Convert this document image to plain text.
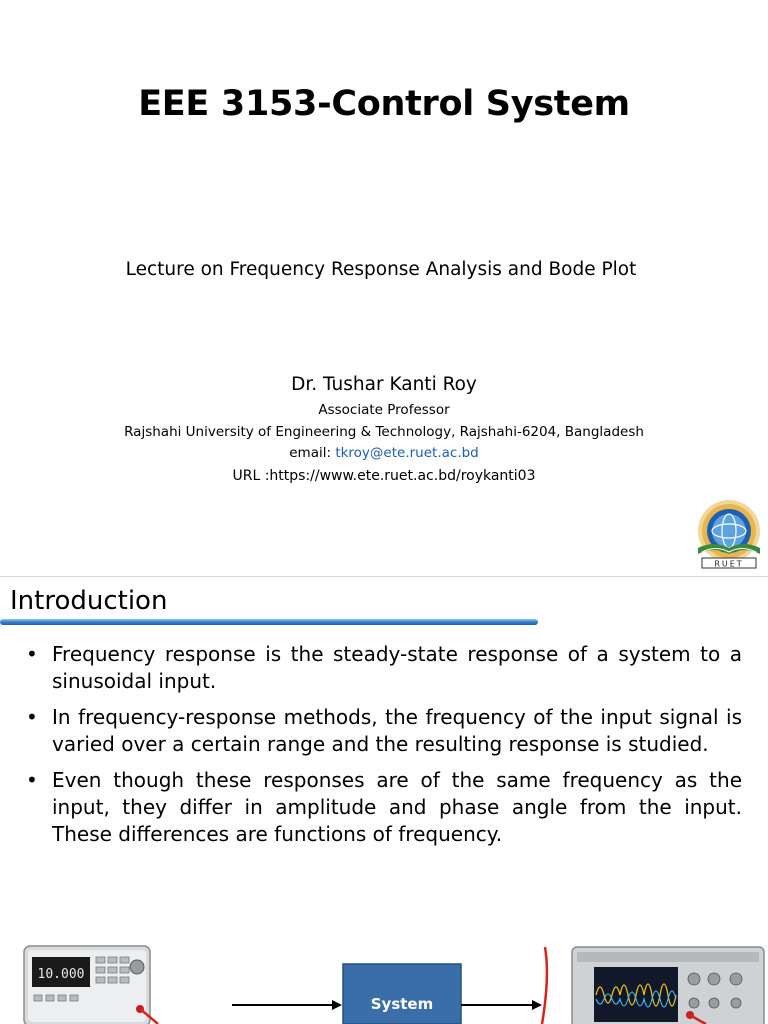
EEE 3153-Control System
Lecture on Frequency Response Analysis and Bode Plot
Dr. Tushar Kanti Roy
Associate Professor
Rajshahi University of Engineering & Technology, Rajshahi-6204, Bangladesh
email: tkroy@ete.ruet.ac.bd
URL :https://www.ete.ruet.ac.bd/roykanti03
RUET
Introduction
• Frequency response is the steady-state response of a system to a sinusoidal input.
• In frequency-response methods, the frequency of the input signal is varied over a certain range and the resulting response is studied.
• Even though these responses are of the same frequency as the input, they differ in amplitude and phase angle from the input. These differences are functions of frequency.
10.000
System
